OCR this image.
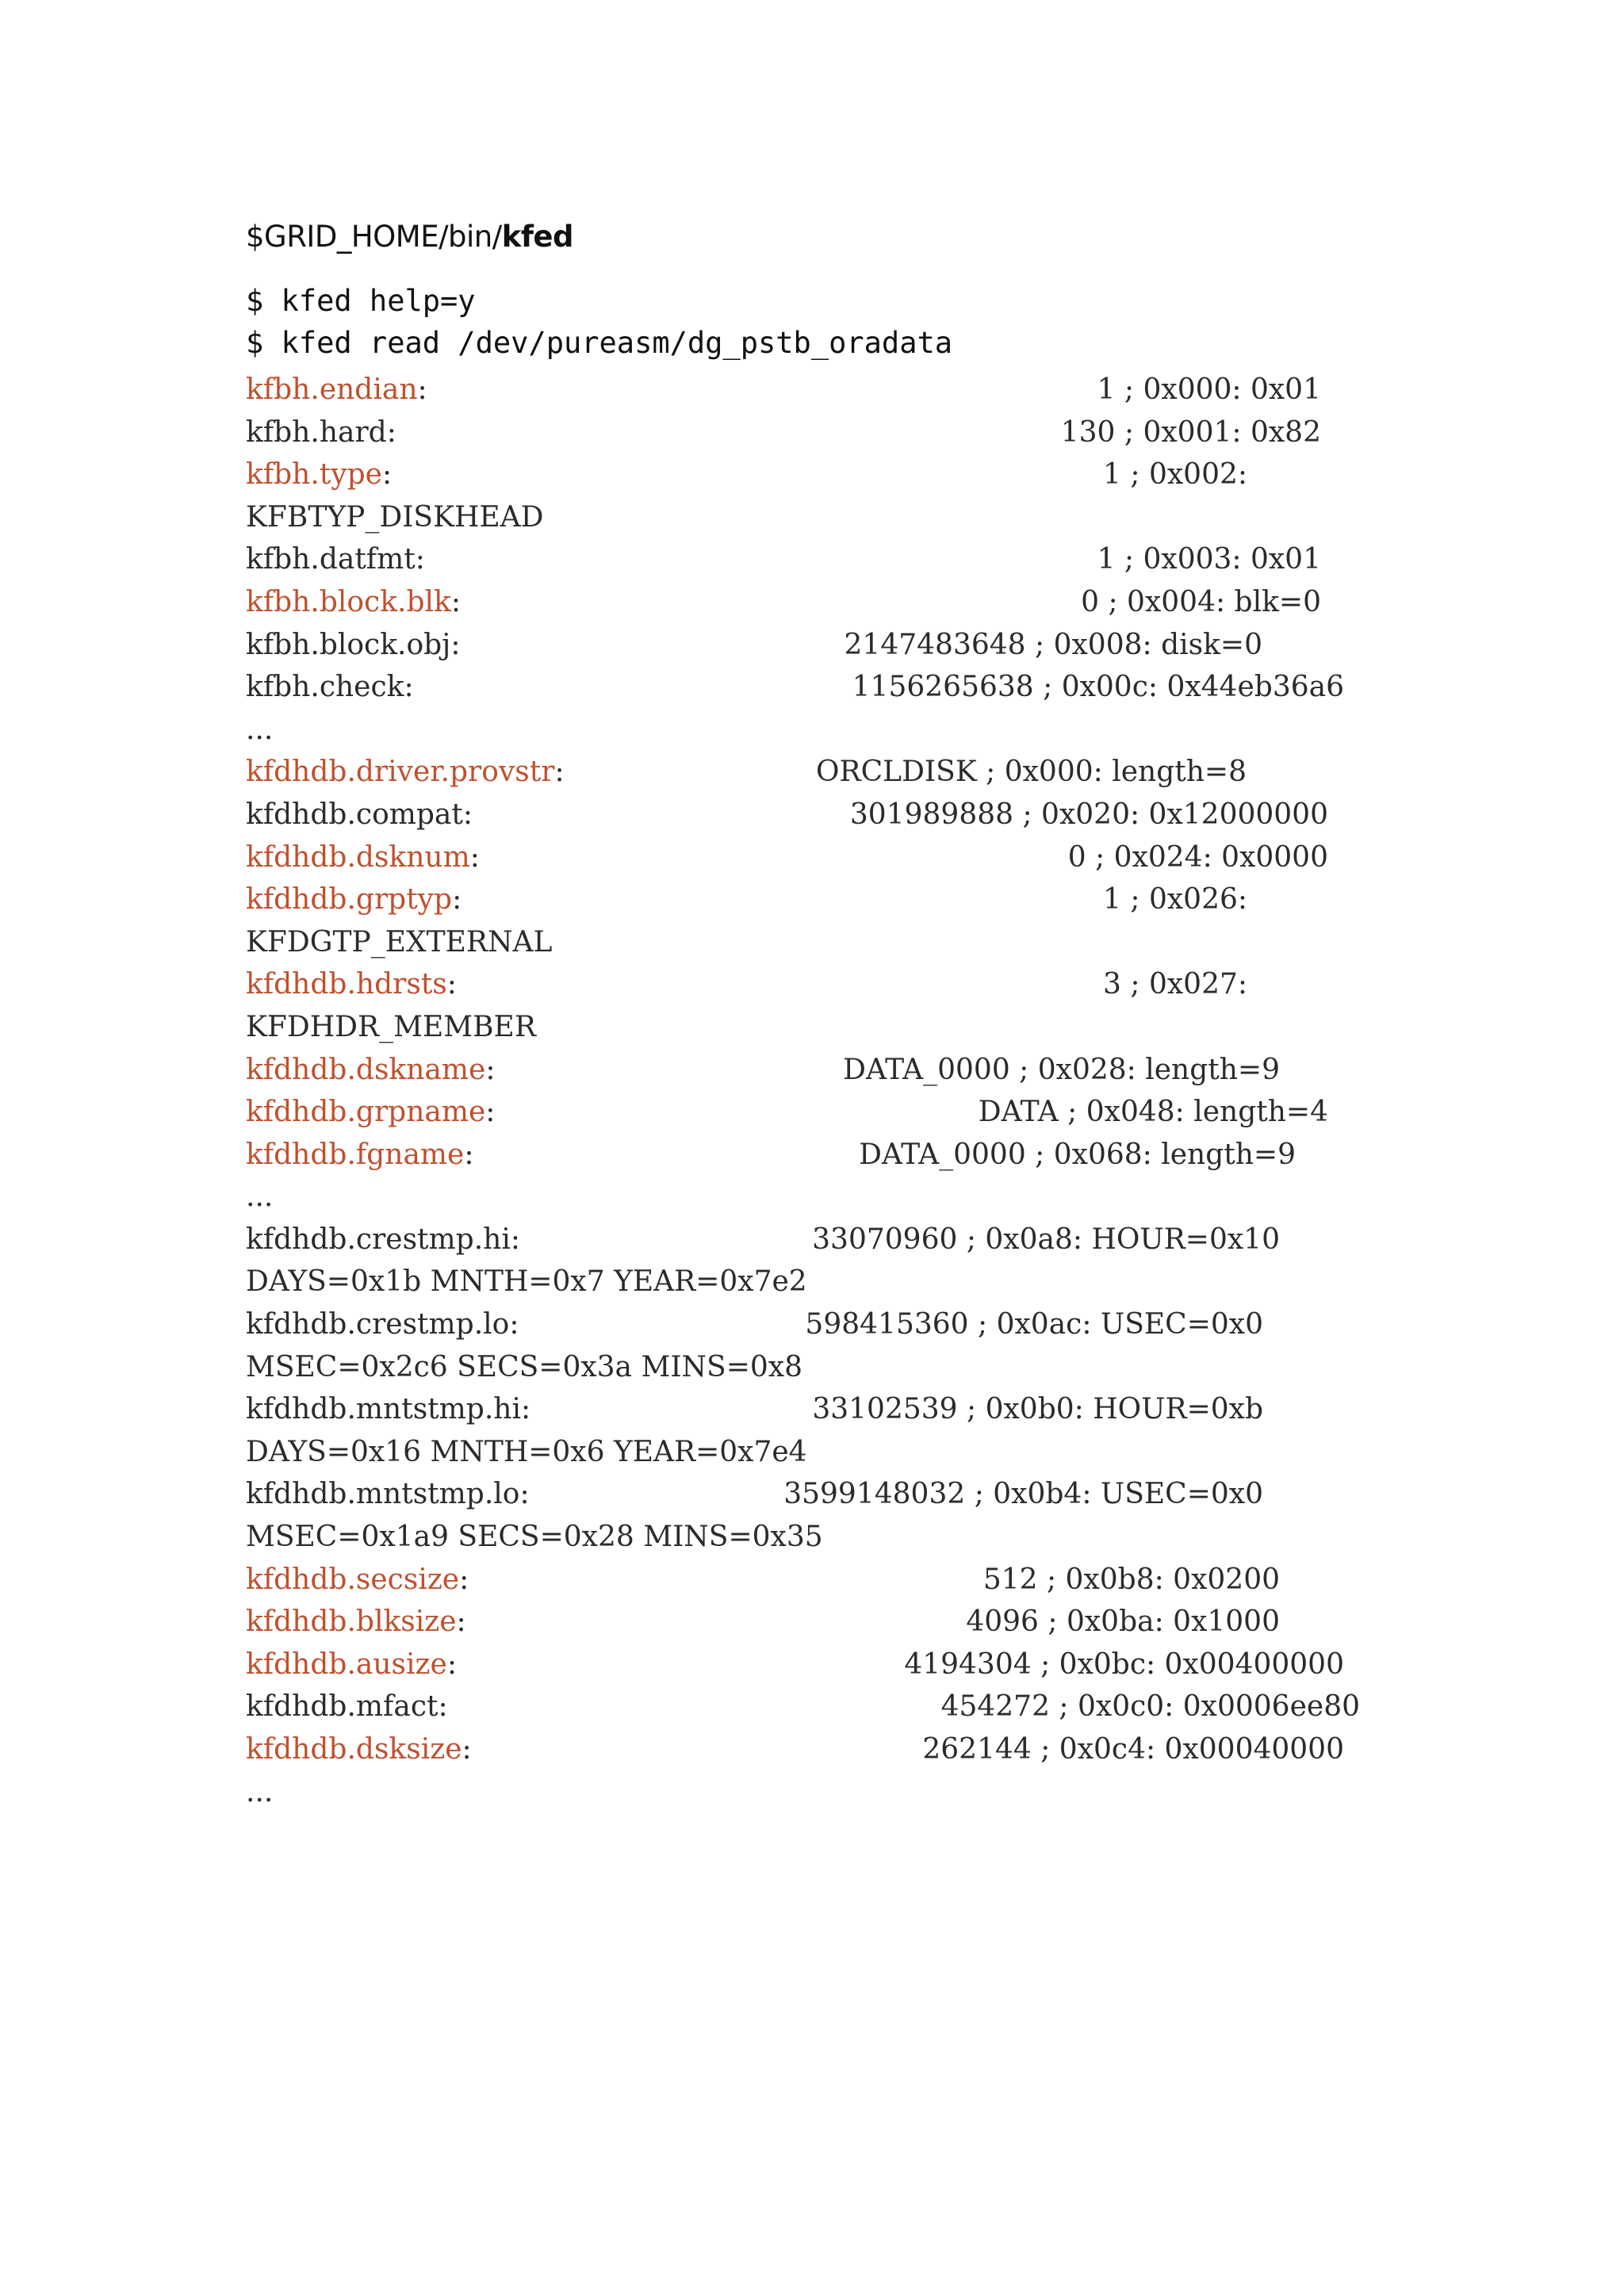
$GRID_HOME/bin/kfed
$ kfed help=y
$ kfed read /dev/pureasm/dg_pstb_oradata
kfbh.endian:	1 ; 0x000: 0x01
kfbh.hard:	130 ; 0x001: 0x82
kfbh.type:	1 ; 0x002:
KFBTYP_DISKHEAD
kfbh.datfmt:	1 ; 0x003: 0x01
kfbh.block.blk:	0 ; 0x004: blk=0
kfbh.block.obj:	2147483648 ; 0x008: disk=0
kfbh.check:	1156265638 ; 0x00c: 0x44eb36a6
...
kfdhdb.driver.provstr:	ORCLDISK ; 0x000: length=8
kfdhdb.compat:	301989888 ; 0x020: 0x12000000
kfdhdb.dsknum:	0 ; 0x024: 0x0000
kfdhdb.grptyp:	1 ; 0x026:
KFDGTP_EXTERNAL
kfdhdb.hdrsts:	3 ; 0x027:
KFDHDR_MEMBER
kfdhdb.dskname:	DATA_0000 ; 0x028: length=9
kfdhdb.grpname:	DATA ; 0x048: length=4
kfdhdb.fgname:	DATA_0000 ; 0x068: length=9
...
kfdhdb.crestmp.hi:	33070960 ; 0x0a8: HOUR=0x10
DAYS=0x1b MNTH=0x7 YEAR=0x7e2
kfdhdb.crestmp.lo:	598415360 ; 0x0ac: USEC=0x0
MSEC=0x2c6 SECS=0x3a MINS=0x8
kfdhdb.mntstmp.hi:	33102539 ; 0x0b0: HOUR=0xb
DAYS=0x16 MNTH=0x6 YEAR=0x7e4
kfdhdb.mntstmp.lo:	3599148032 ; 0x0b4: USEC=0x0
MSEC=0x1a9 SECS=0x28 MINS=0x35
kfdhdb.secsize:	512 ; 0x0b8: 0x0200
kfdhdb.blksize:	4096 ; 0x0ba: 0x1000
kfdhdb.ausize:	4194304 ; 0x0bc: 0x00400000
kfdhdb.mfact:	454272 ; 0x0c0: 0x0006ee80
kfdhdb.dsksize:	262144 ; 0x0c4: 0x00040000
...
